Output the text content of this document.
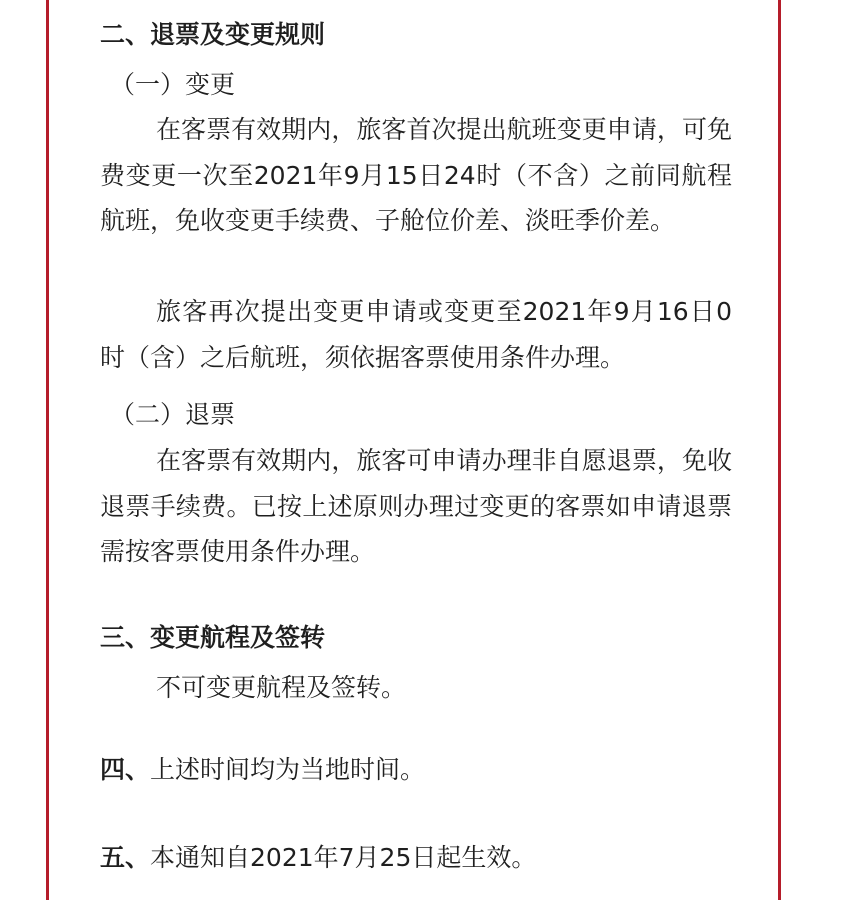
二、退票及变更规则
（一）变更

在客票有效期内，旅客首次提出航班变更申请，可免费变更一次至2021年9月15日24时（不含）之前同航程航班，免收变更手续费、子舱位价差、淡旺季价差。

旅客再次提出变更申请或变更至2021年9月16日0时（含）之后航班，须依据客票使用条件办理。

（二）退票

在客票有效期内，旅客可申请办理非自愿退票，免收退票手续费。已按上述原则办理过变更的客票如申请退票需按客票使用条件办理。

三、变更航程及签转

不可变更航程及签转。

四、上述时间均为当地时间。
五、本通知自2021年7月25日起生效。
